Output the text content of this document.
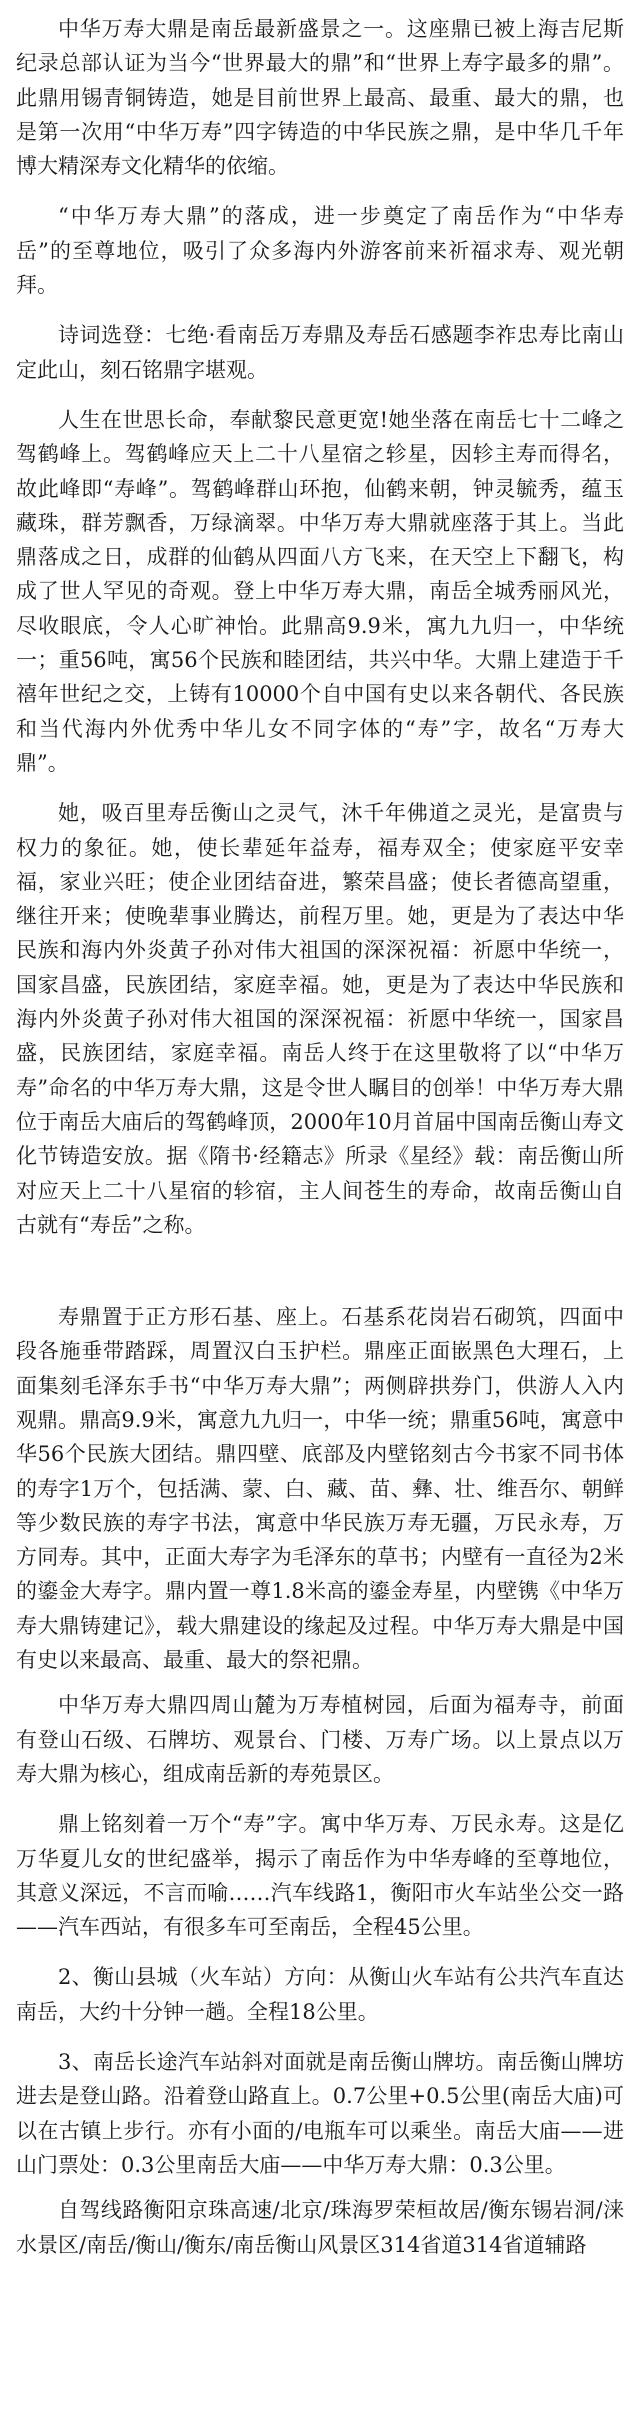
中华万寿大鼎是南岳最新盛景之一。这座鼎已被上海吉尼斯纪录总部认证为当今“世界最大的鼎”和“世界上寿字最多的鼎”。此鼎用锡青铜铸造，她是目前世界上最高、最重、最大的鼎，也是第一次用“中华万寿”四字铸造的中华民族之鼎，是中华几千年博大精深寿文化精华的依缩。

“中华万寿大鼎”的落成，进一步奠定了南岳作为“中华寿岳”的至尊地位，吸引了众多海内外游客前来祈福求寿、观光朝拜。

诗词选登：七绝·看南岳万寿鼎及寿岳石感题李祚忠寿比南山定此山，刻石铭鼎字堪观。

人生在世思长命，奉献黎民意更宽!她坐落在南岳七十二峰之驾鹤峰上。驾鹤峰应天上二十八星宿之轸星，因轸主寿而得名，故此峰即“寿峰”。驾鹤峰群山环抱，仙鹤来朝，钟灵毓秀，蕴玉藏珠，群芳飘香，万绿滴翠。中华万寿大鼎就座落于其上。当此鼎落成之日，成群的仙鹤从四面八方飞来，在天空上下翻飞，构成了世人罕见的奇观。登上中华万寿大鼎，南岳全城秀丽风光，尽收眼底，令人心旷神怡。此鼎高9.9米，寓九九归一，中华统一；重56吨，寓56个民族和睦团结，共兴中华。大鼎上建造于千禧年世纪之交，上铸有10000个自中国有史以来各朝代、各民族和当代海内外优秀中华儿女不同字体的“寿”字，故名“万寿大鼎”。

她，吸百里寿岳衡山之灵气，沐千年佛道之灵光，是富贵与权力的象征。她，使长辈延年益寿，福寿双全；使家庭平安幸福，家业兴旺；使企业团结奋进，繁荣昌盛；使长者德高望重，继往开来；使晚辈事业腾达，前程万里。她，更是为了表达中华民族和海内外炎黄子孙对伟大祖国的深深祝福：祈愿中华统一，国家昌盛，民族团结，家庭幸福。她，更是为了表达中华民族和海内外炎黄子孙对伟大祖国的深深祝福：祈愿中华统一，国家昌盛，民族团结，家庭幸福。南岳人终于在这里敬将了以“中华万寿”命名的中华万寿大鼎，这是令世人瞩目的创举！中华万寿大鼎 位于南岳大庙后的驾鹤峰顶，2000年10月首届中国南岳衡山寿文化节铸造安放。据《隋书·经籍志》所录《星经》载：南岳衡山所对应天上二十八星宿的轸宿，主人间苍生的寿命，故南岳衡山自古就有“寿岳”之称。

寿鼎置于正方形石基、座上。石基系花岗岩石砌筑，四面中段各施垂带踏踩，周置汉白玉护栏。鼎座正面嵌黑色大理石，上面集刻毛泽东手书“中华万寿大鼎”；两侧辟拱券门，供游人入内观鼎。鼎高9.9米，寓意九九归一，中华一统；鼎重56吨，寓意中华56个民族大团结。鼎四壁、底部及内壁铭刻古今书家不同书体的寿字1万个，包括满、蒙、白、藏、苗、彝、壮、维吾尔、朝鲜等少数民族的寿字书法，寓意中华民族万寿无疆，万民永寿，万方同寿。其中，正面大寿字为毛泽东的草书；内壁有一直径为2米的鎏金大寿字。鼎内置一尊1.8米高的鎏金寿星，内壁镌《中华万寿大鼎铸建记》，载大鼎建设的缘起及过程。中华万寿大鼎是中国有史以来最高、最重、最大的祭祀鼎。

中华万寿大鼎四周山麓为万寿植树园，后面为福寿寺，前面有登山石级、石牌坊、观景台、门楼、万寿广场。以上景点以万寿大鼎为核心，组成南岳新的寿苑景区。

鼎上铭刻着一万个“寿”字。寓中华万寿、万民永寿。这是亿万华夏儿女的世纪盛举，揭示了南岳作为中华寿峰的至尊地位，其意义深远，不言而喻……汽车线路1，衡阳市火车站坐公交一路——汽车西站，有很多车可至南岳，全程45公里。

2、衡山县城（火车站）方向：从衡山火车站有公共汽车直达南岳，大约十分钟一趟。全程18公里。

3、南岳长途汽车站斜对面就是南岳衡山牌坊。南岳衡山牌坊进去是登山路。沿着登山路直上。0.7公里+0.5公里(南岳大庙)可以在古镇上步行。亦有小面的/电瓶车可以乘坐。南岳大庙——进山门票处：0.3公里南岳大庙——中华万寿大鼎：0.3公里。

自驾线路衡阳京珠高速/北京/珠海罗荣桓故居/衡东锡岩洞/涞水景区/南岳/衡山/衡东/南岳衡山风景区314省道314省道辅路
